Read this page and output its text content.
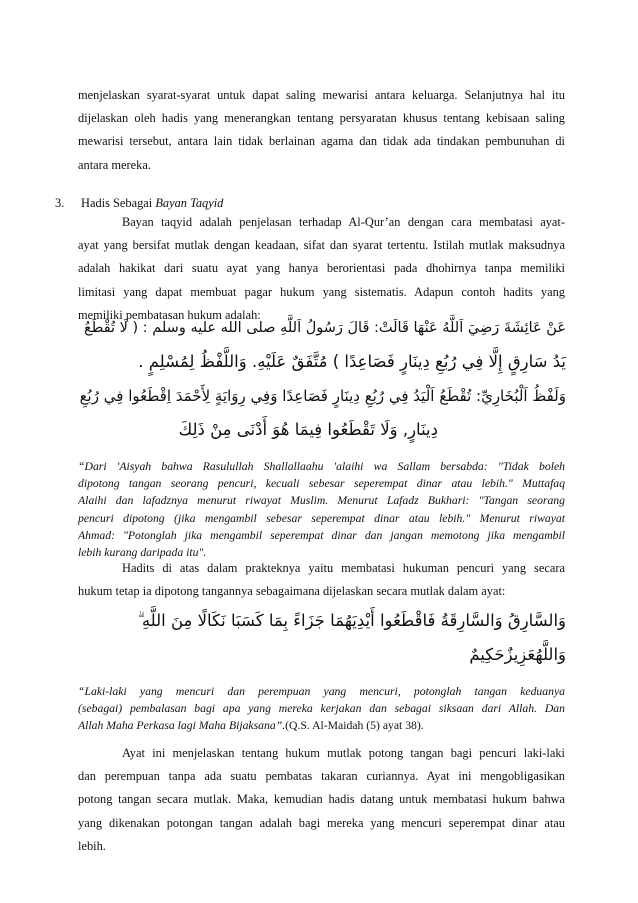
menjelaskan syarat-syarat untuk dapat saling mewarisi antara keluarga. Selanjutnya hal itu
dijelaskan oleh hadis yang menerangkan tentang persyaratan khusus tentang kebisaan saling
mewarisi tersebut, antara lain tidak berlainan agama dan tidak ada tindakan pembunuhan di
antara mereka.
3. Hadis Sebagai Bayan Taqyid
Bayan taqyid adalah penjelasan terhadap Al-Qur’an dengan cara membatasi ayat-
ayat yang bersifat mutlak dengan keadaan, sifat dan syarat tertentu. Istilah mutlak maksudnya
adalah hakikat dari suatu ayat yang hanya berorientasi pada dhohirnya tanpa memiliki
limitasi yang dapat membuat pagar hukum yang sistematis. Adapun contoh hadits yang
memiliki pembatasan hukum adalah:
عَنْ عَائِشَةَ رَضِيَ اَللَّهُ عَنْهَا قَالَتْ: قَالَ رَسُولُ اَللَّهِ صلى الله عليه وسلم : ( لَا تُقْطَعُ
يَدُ سَارِقٍ إِلَّا فِي رُبُعِ دِينَارٍ فَصَاعِدًا ) مُتَّفَقٌ عَلَيْهِ. وَاللَّفْظُ لِمُسْلِمٍ .
وَلَفْظُ اَلْبُخَارِيِّ: تُقْطَعُ اَلْيَدُ فِي رُبُعِ دِينَارٍ فَصَاعِدًا وَفِي رِوَايَةٍ لِأَحْمَدَ اِقْطَعُوا فِي رُبُعِ
دِينَارٍ, وَلَا تَقْطَعُوا فِيمَا هُوَ أَدْنَى مِنْ ذَلِكَ
“Dari 'Aisyah bahwa Rasulullah Shallallaahu 'alaihi wa Sallam bersabda: "Tidak boleh
dipotong tangan seorang pencuri, kecuali sebesar seperempat dinar atau lebih." Muttafaq
Alaihi dan lafadznya menurut riwayat Muslim. Menurut Lafadz Bukhari: "Tangan seorang
pencuri dipotong (jika mengambil sebesar seperempat dinar atau lebih." Menurut riwayat
Ahmad: "Potonglah jika mengambil seperempat dinar dan jangan memotong jika mengambil
lebih kurang daripada itu".
Hadits di atas dalam prakteknya yaitu membatasi hukuman pencuri yang secara
hukum tetap ia dipotong tangannya sebagaimana dijelaskan secara mutlak dalam ayat:
وَالسَّارِقُ وَالسَّارِقَةُ فَاقْطَعُوا أَيْدِيَهُمَا جَزَاءً بِمَا كَسَبَا نَكَالًا مِنَ اللَّهِ ۗ
وَاللَّهُعَزِيزٌحَكِيمٌ
“Laki-laki yang mencuri dan perempuan yang mencuri, potonglah tangan keduanya
(sebagai) pembalasan bagi apa yang mereka kerjakan dan sebagai siksaan dari Allah. Dan
Allah Maha Perkasa lagi Maha Bijaksana”.(Q.S. Al-Maidah (5) ayat 38).
Ayat ini menjelaskan tentang hukum mutlak potong tangan bagi pencuri laki-laki
dan perempuan tanpa ada suatu pembatas takaran curiannya. Ayat ini mengobligasikan
potong tangan secara mutlak. Maka, kemudian hadis datang untuk membatasi hukum bahwa
yang dikenakan potongan tangan adalah bagi mereka yang mencuri seperempat dinar atau
lebih.
